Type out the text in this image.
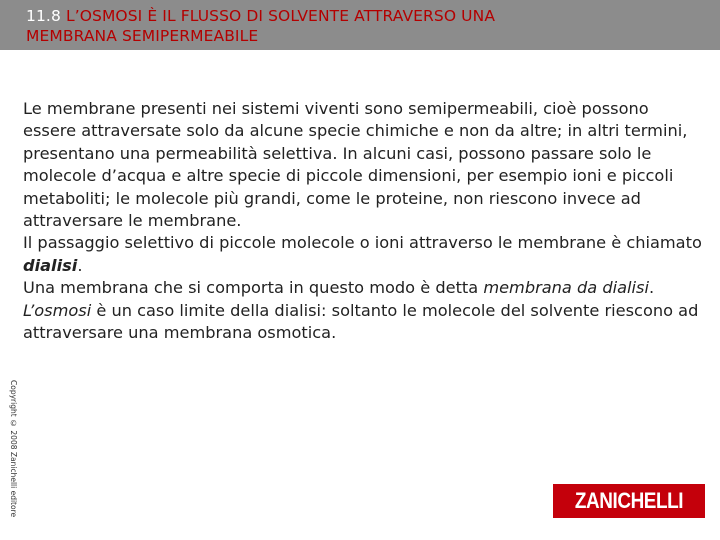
11.8 L’OSMOSI È IL FLUSSO DI SOLVENTE ATTRAVERSO UNA
MEMBRANA SEMIPERMEABILE

Le membrane presenti nei sistemi viventi sono semipermeabili, cioè possono essere attraversate solo da alcune specie chimiche e non da altre; in altri termini, presentano una permeabilità selettiva. In alcuni casi, possono passare solo le molecole d’acqua e altre specie di piccole dimensioni, per esempio ioni e piccoli metaboliti; le molecole più grandi, come le proteine, non riescono invece ad attraversare le membrane.

Il passaggio selettivo di piccole molecole o ioni attraverso le membrane è chiamato dialisi.

Una membrana che si comporta in questo modo è detta membrana da dialisi.

L’osmosi è un caso limite della dialisi: soltanto le molecole del solvente riescono ad attraversare una membrana osmotica.

Copyright © 2008 Zanichelli editore	ZANICHELLI
